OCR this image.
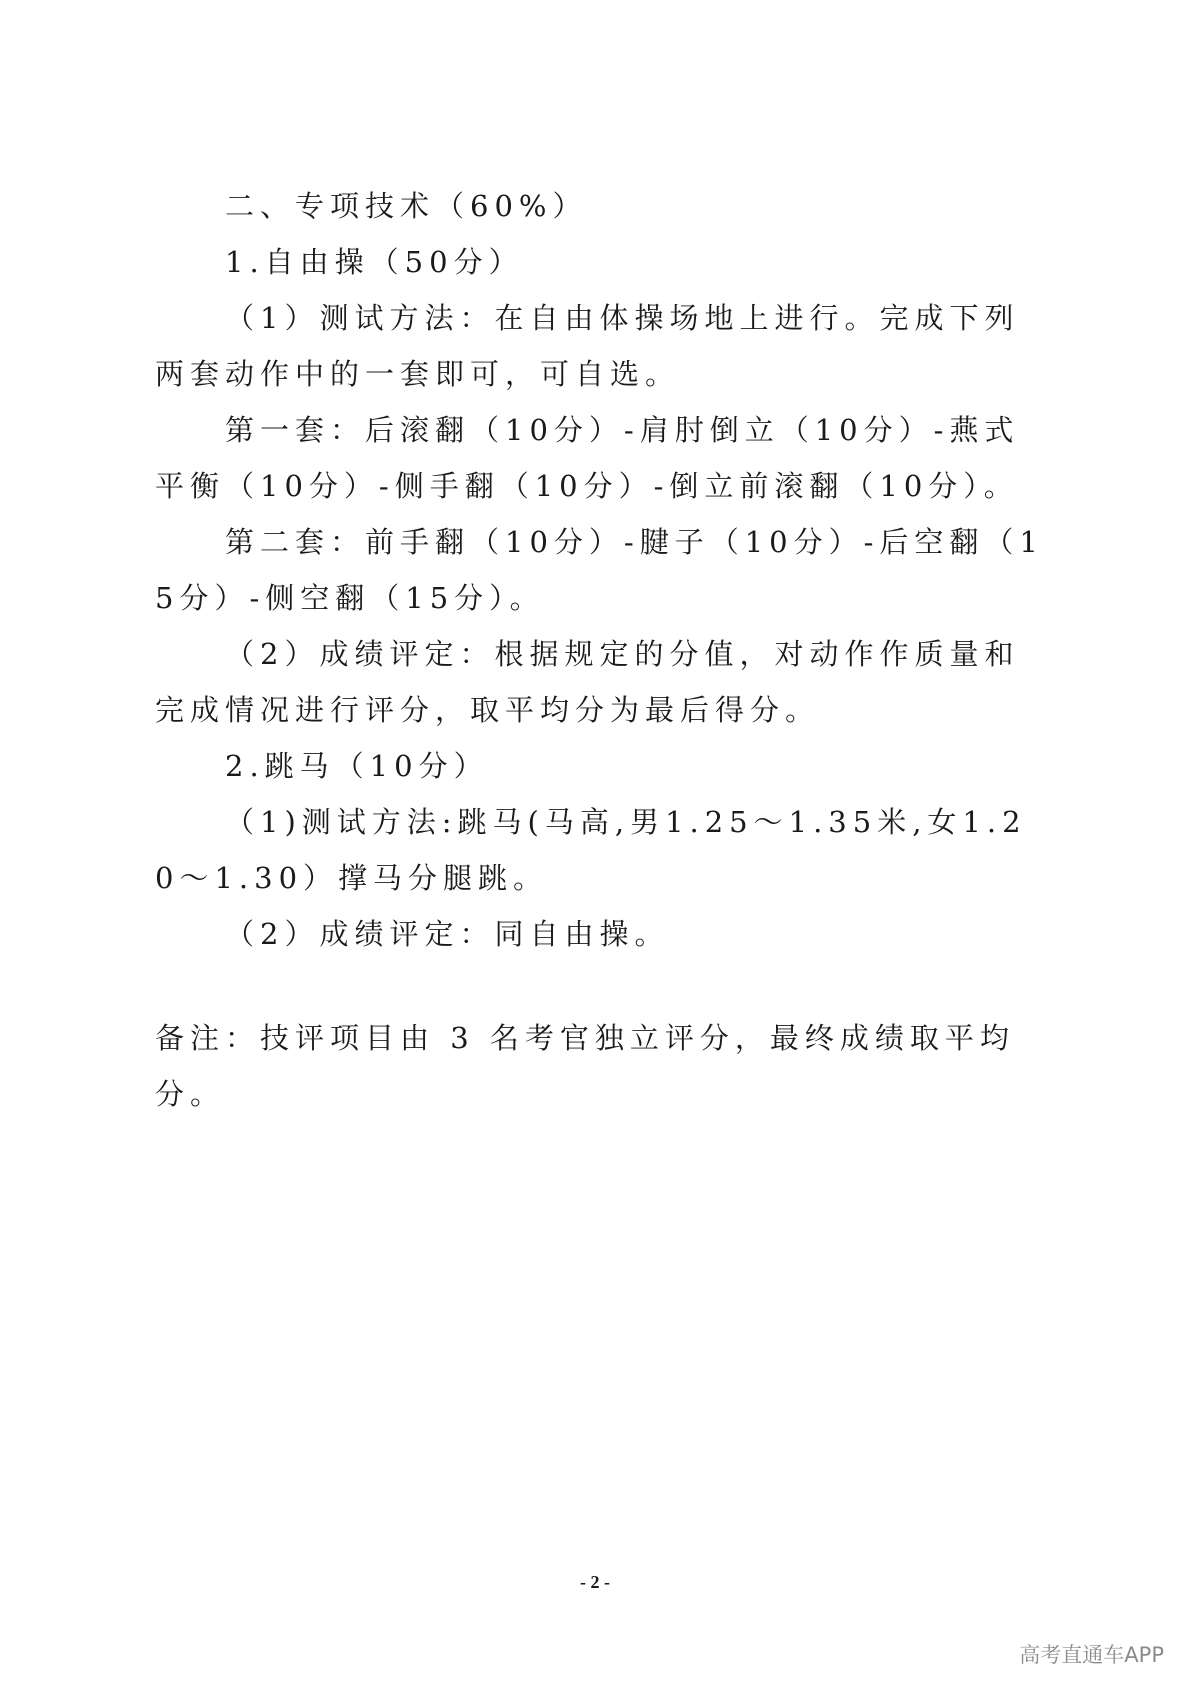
二、专项技术（60%）

1.自由操（50分）

（1）测试方法：在自由体操场地上进行。完成下列两套动作中的一套即可，可自选。

第一套：后滚翻（10分）-肩肘倒立（10分）-燕式平衡（10分）-侧手翻（10分）-倒立前滚翻（10分）。

第二套：前手翻（10分）-腱子（10分）-后空翻（15分）-侧空翻（15分）。

（2）成绩评定：根据规定的分值，对动作作质量和完成情况进行评分，取平均分为最后得分。

2.跳马（10分）

（1)测试方法:跳马(马高,男1.25～1.35米,女1.20～1.30）撑马分腿跳。

（2）成绩评定：同自由操。

备注：技评项目由 3 名考官独立评分，最终成绩取平均分。

- 2 -
高考直通车APP
